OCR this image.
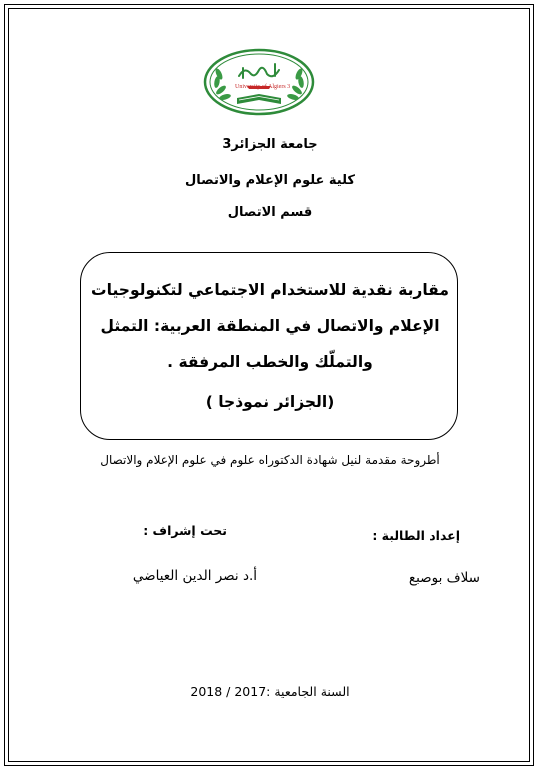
University of Algiers 3
جامعة الجزائر3
كلية علوم الإعلام والاتصال
قسم الاتصال
مقاربة نقدية للاستخدام الاجتماعي لتكنولوجيات
الإعلام والاتصال في المنطقة العربية: التمثل
والتملّك والخطب المرفقة .
(الجزائر نموذجا )
أطروحة مقدمة لنيل شهادة الدكتوراه علوم في علوم الإعلام والاتصال
تحت إشراف :	إعداد الطالبة :
أ.د نصر الدين العياضي	سلاف بوصبع
السنة الجامعية :2017 / 2018
